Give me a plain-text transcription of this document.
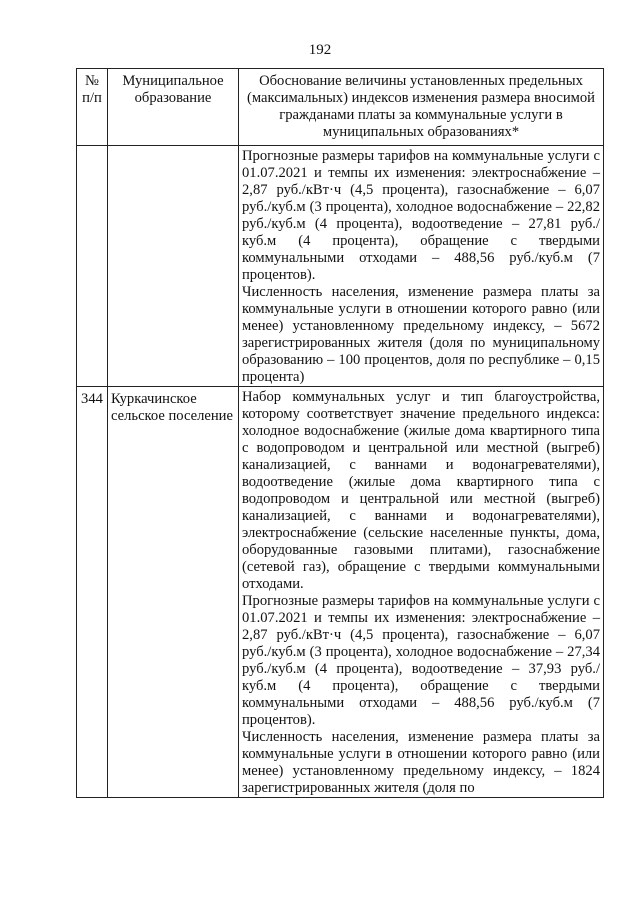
192
№
п/п	Муниципальное образование	Обоснование величины установленных предельных (максимальных) индексов изменения размера вносимой гражданами платы за коммунальные услуги в муниципальных образованиях*

		Прогнозные размеры тарифов на коммунальные услуги с 01.07.2021 и темпы их изменения: электроснабжение – 2,87 руб./кВт·ч (4,5 процента), газоснабжение – 6,07 руб./куб.м (3 процента), холодное водоснабжение – 22,82 руб./куб.м (4 процента), водоотведение – 27,81 руб./куб.м (4 процента), обращение с твердыми коммунальными отходами – 488,56 руб./куб.м (7 процентов).

Численность населения, изменение размера платы за коммунальные услуги в отношении которого равно (или менее) установленному предельному индексу, – 5672 зарегистрированных жителя (доля по муниципальному образованию – 100 процентов, доля по республике – 0,15 процента)

344	Куркачинское сельское поселение	Набор коммунальных услуг и тип благоустройства, которому соответствует значение предельного индекса: холодное водоснабжение (жилые дома квартирного типа с водопроводом и центральной или местной (выгреб) канализацией, с ваннами и водонагревателями), водоотведение (жилые дома квартирного типа с водопроводом и центральной или местной (выгреб) канализацией, с ваннами и водонагревателями), электроснабжение (сельские населенные пункты, дома, оборудованные газовыми плитами), газоснабжение (сетевой газ), обращение с твердыми коммунальными отходами.

Прогнозные размеры тарифов на коммунальные услуги с 01.07.2021 и темпы их изменения: электроснабжение – 2,87 руб./кВт·ч (4,5 процента), газоснабжение – 6,07 руб./куб.м (3 процента), холодное водоснабжение – 27,34 руб./куб.м (4 процента), водоотведение – 37,93 руб./куб.м (4 процента), обращение с твердыми коммунальными отходами – 488,56 руб./куб.м (7 процентов).

Численность населения, изменение размера платы за коммунальные услуги в отношении которого равно (или менее) установленному предельному индексу, – 1824 зарегистрированных жителя (доля по
